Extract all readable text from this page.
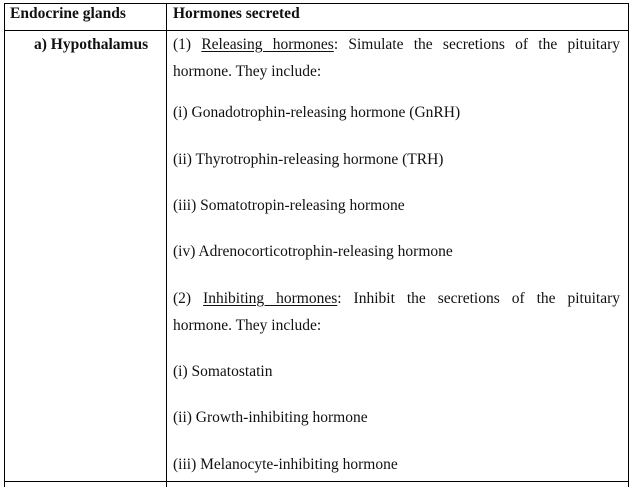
Endocrine glands	Hormones secreted
a) Hypothalamus (1) Releasing hormones: Simulate the secretions of the pituitary
hormone. They include:
(i) Gonadotrophin-releasing hormone (GnRH)
(ii) Thyrotrophin-releasing hormone (TRH)
(iii) Somatotropin-releasing hormone
(iv) Adrenocorticotrophin-releasing hormone
(2) Inhibiting hormones: Inhibit the secretions of the pituitary
hormone. They include:
(i) Somatostatin
(ii) Growth-inhibiting hormone
(iii) Melanocyte-inhibiting hormone
